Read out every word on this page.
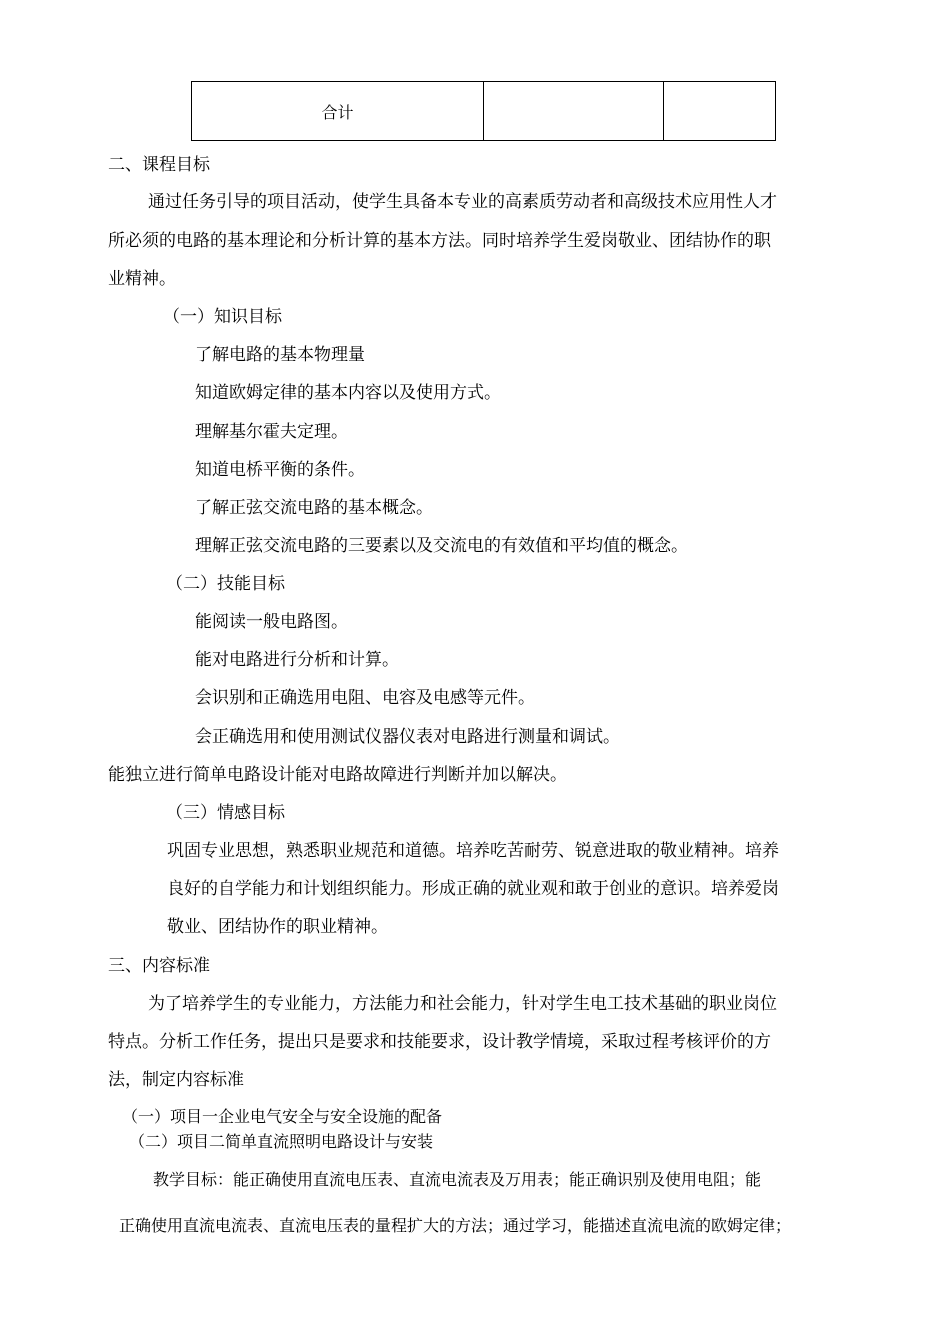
合计		
二、课程目标
通过任务引导的项目活动，使学生具备本专业的高素质劳动者和高级技术应用性人才
所必须的电路的基本理论和分析计算的基本方法。同时培养学生爱岗敬业、团结协作的职
业精神。
（一）知识目标
了解电路的基本物理量
知道欧姆定律的基本内容以及使用方式。
理解基尔霍夫定理。
知道电桥平衡的条件。
了解正弦交流电路的基本概念。
理解正弦交流电路的三要素以及交流电的有效值和平均值的概念。
（二）技能目标
能阅读一般电路图。
能对电路进行分析和计算。
会识别和正确选用电阻、电容及电感等元件。
会正确选用和使用测试仪器仪表对电路进行测量和调试。
能独立进行简单电路设计能对电路故障进行判断并加以解决。
（三）情感目标
巩固专业思想，熟悉职业规范和道德。培养吃苦耐劳、锐意进取的敬业精神。培养
良好的自学能力和计划组织能力。形成正确的就业观和敢于创业的意识。培养爱岗
敬业、团结协作的职业精神。
三、内容标准
为了培养学生的专业能力，方法能力和社会能力，针对学生电工技术基础的职业岗位
特点。分析工作任务，提出只是要求和技能要求，设计教学情境，采取过程考核评价的方
法，制定内容标准
（一）项目一企业电气安全与安全设施的配备
（二）项目二简单直流照明电路设计与安装
教学目标：能正确使用直流电压表、直流电流表及万用表；能正确识别及使用电阻；能
正确使用直流电流表、直流电压表的量程扩大的方法；通过学习，能描述直流电流的欧姆定律；
